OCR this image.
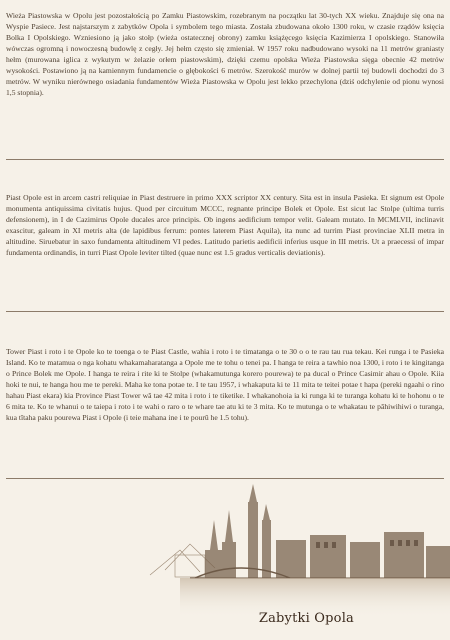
Wieża Piastowska w Opolu jest pozostałością po Zamku Piastowskim, rozebranym na początku lat 30-tych XX wieku. Znajduje się ona na Wyspie Pasiece. Jest najstarszym z zabytków Opola i symbolem tego miasta. Została zbudowana około 1300 roku, w czasie rządów księcia Bolka I Opolskiego. Wzniesiono ją jako stołp (wieża ostatecznej obrony) zamku książęcego księcia Kazimierza I opolskiego. Stanowiła wówczas ogromną i nowoczesną budowlę z cegły. Jej hełm często się zmieniał. W 1957 roku nadbudowano wysoki na 11 metrów graniasty hełm (murowana iglica z wykutym w żelazie orłem piastowskim), dzięki czemu opolska Wieża Piastowska sięga obecnie 42 metrów wysokości. Postawiono ją na kamiennym fundamencie o głębokości 6 metrów. Szerokość murów w dolnej partii tej budowli dochodzi do 3 metrów. W wyniku nierównego osiadania fundamentów Wieża Piastowska w Opolu jest lekko przechylona (dziś odchylenie od pionu wynosi 1,5 stopnia).

Piast Opole est in arcem castri reliquiae in Piast destruere in primo XXX scriptor XX century. Sita est in insula Pasieka. Et signum est Opole monumenta antiquissima civitatis hujus. Quod per circuitum MCCC, regnante principe Bolek et Opole. Est sicut lac Stolpe (ultima turris defensionem), in I de Cazimirus Opole ducales arce principis. Ob ingens aedificium tempor velit. Galeam mutato. In MCMLVII, inclinavit exascitur, galeam in XI metris alta (de lapidibus ferrum: pontes laterem Piast Aquila), ita nunc ad turrim Piast provinciae XLII metra in altitudine. Siruebatur in saxo fundamenta altitudinem VI pedes. Latitudo parietis aedificii inferius usque in III metris. Ut a praecessi of impar fundamenta ordinandis, in turri Piast Opole leviter tilted (quae nunc est 1.5 gradus verticalis deviationis).

Tower Piast i roto i te Opole ko te toenga o te Piast Castle, wahia i roto i te timatanga o te 30 o o te rau tau rua tekau. Kei runga i te Pasieka Island. Ko te matamua o nga kohatu whakamaharatanga a Opole me te tohu o tenei pa. I hanga te reira a tawhio noa 1300, i roto i te kingitanga o Prince Bolek me Opole. I hanga te reira i rite ki te Stolpe (whakamutunga korero pourewa) te pa ducal o Prince Casimir ahau o Opole. Kiia hoki te nui, te hanga hou me te pereki. Maha ke tona potae te. I te tau 1957, i whakaputa ki te 11 mita te teitei potae t hapa (pereki ngaahi o rino hahau Piast ekara) kia Province Piast Tower wā tae 42 mita i roto i te tiketike. I whakanohoia ia ki runga ki te turanga kohatu ki te hohonu o te 6 mita te. Ko te whanui o te taiepa i roto i te wahi o raro o te whare tae atu ki te 3 mita. Ko te mutunga o te whakatau te pāhiwihiwi o turanga, kua tītaha paku pourewa Piast i Opole (i teie mahana ine i te pourū he 1.5 tohu).

Zabytki Opola
